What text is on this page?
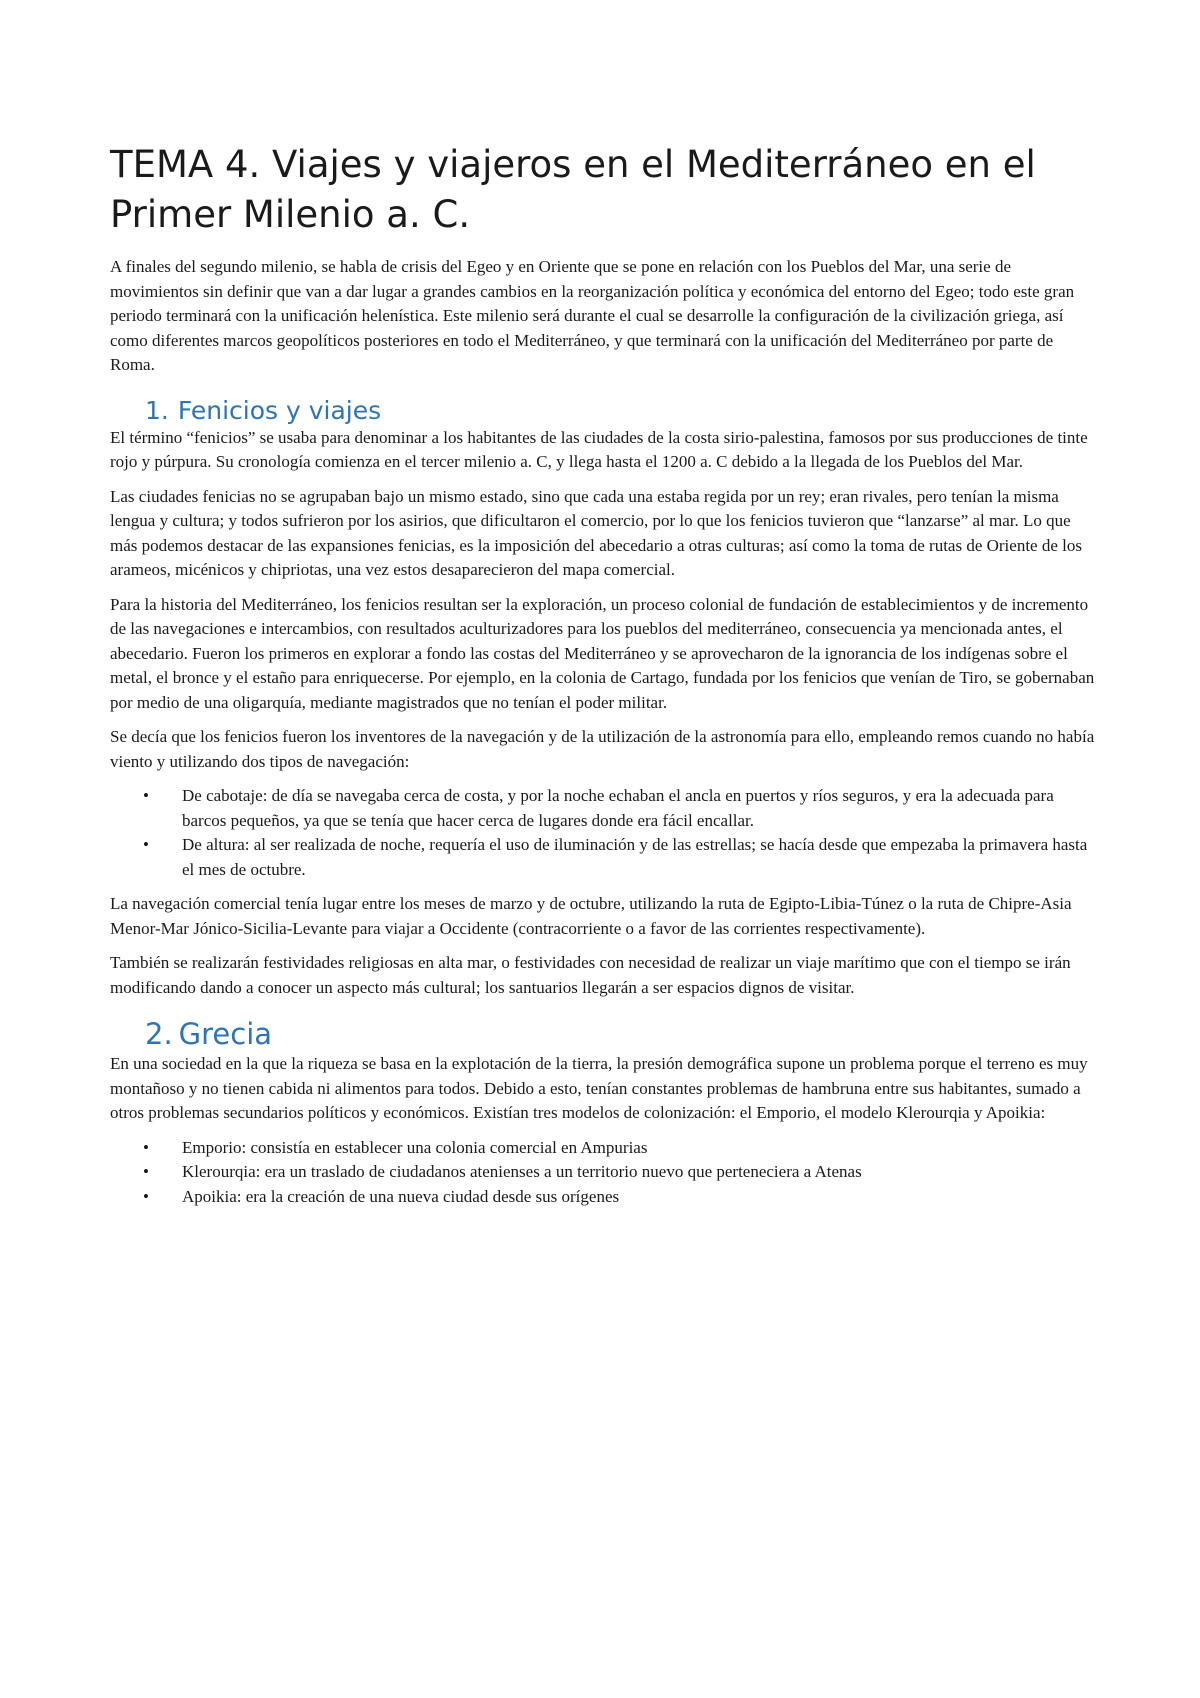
TEMA 4. Viajes y viajeros en el Mediterráneo en el Primer Milenio a. C.

A finales del segundo milenio, se habla de crisis del Egeo y en Oriente que se pone en relación con los Pueblos del Mar, una serie de movimientos sin definir que van a dar lugar a grandes cambios en la reorganización política y económica del entorno del Egeo; todo este gran periodo terminará con la unificación helenística. Este milenio será durante el cual se desarrolle la configuración de la civilización griega, así como diferentes marcos geopolíticos posteriores en todo el Mediterráneo, y que terminará con la unificación del Mediterráneo por parte de Roma.

1. Fenicios y viajes

El término “fenicios” se usaba para denominar a los habitantes de las ciudades de la costa sirio-palestina, famosos por sus producciones de tinte rojo y púrpura. Su cronología comienza en el tercer milenio a. C, y llega hasta el 1200 a. C debido a la llegada de los Pueblos del Mar.

Las ciudades fenicias no se agrupaban bajo un mismo estado, sino que cada una estaba regida por un rey; eran rivales, pero tenían la misma lengua y cultura; y todos sufrieron por los asirios, que dificultaron el comercio, por lo que los fenicios tuvieron que “lanzarse” al mar. Lo que más podemos destacar de las expansiones fenicias, es la imposición del abecedario a otras culturas; así como la toma de rutas de Oriente de los arameos, micénicos y chipriotas, una vez estos desaparecieron del mapa comercial.

Para la historia del Mediterráneo, los fenicios resultan ser la exploración, un proceso colonial de fundación de establecimientos y de incremento de las navegaciones e intercambios, con resultados aculturizadores para los pueblos del mediterráneo, consecuencia ya mencionada antes, el abecedario. Fueron los primeros en explorar a fondo las costas del Mediterráneo y se aprovecharon de la ignorancia de los indígenas sobre el metal, el bronce y el estaño para enriquecerse. Por ejemplo, en la colonia de Cartago, fundada por los fenicios que venían de Tiro, se gobernaban por medio de una oligarquía, mediante magistrados que no tenían el poder militar.

Se decía que los fenicios fueron los inventores de la navegación y de la utilización de la astronomía para ello, empleando remos cuando no había viento y utilizando dos tipos de navegación:

• De cabotaje: de día se navegaba cerca de costa, y por la noche echaban el ancla en puertos y ríos seguros, y era la adecuada para barcos pequeños, ya que se tenía que hacer cerca de lugares donde era fácil encallar.
• De altura: al ser realizada de noche, requería el uso de iluminación y de las estrellas; se hacía desde que empezaba la primavera hasta el mes de octubre.

La navegación comercial tenía lugar entre los meses de marzo y de octubre, utilizando la ruta de Egipto-Libia-Túnez o la ruta de Chipre-Asia Menor-Mar Jónico-Sicilia-Levante para viajar a Occidente (contracorriente o a favor de las corrientes respectivamente).

También se realizarán festividades religiosas en alta mar, o festividades con necesidad de realizar un viaje marítimo que con el tiempo se irán modificando dando a conocer un aspecto más cultural; los santuarios llegarán a ser espacios dignos de visitar.

2. Grecia

En una sociedad en la que la riqueza se basa en la explotación de la tierra, la presión demográfica supone un problema porque el terreno es muy montañoso y no tienen cabida ni alimentos para todos. Debido a esto, tenían constantes problemas de hambruna entre sus habitantes, sumado a otros problemas secundarios políticos y económicos. Existían tres modelos de colonización: el Emporio, el modelo Klerourqia y Apoikia:

• Emporio: consistía en establecer una colonia comercial en Ampurias
• Klerourqia: era un traslado de ciudadanos atenienses a un territorio nuevo que perteneciera a Atenas
• Apoikia: era la creación de una nueva ciudad desde sus orígenes
